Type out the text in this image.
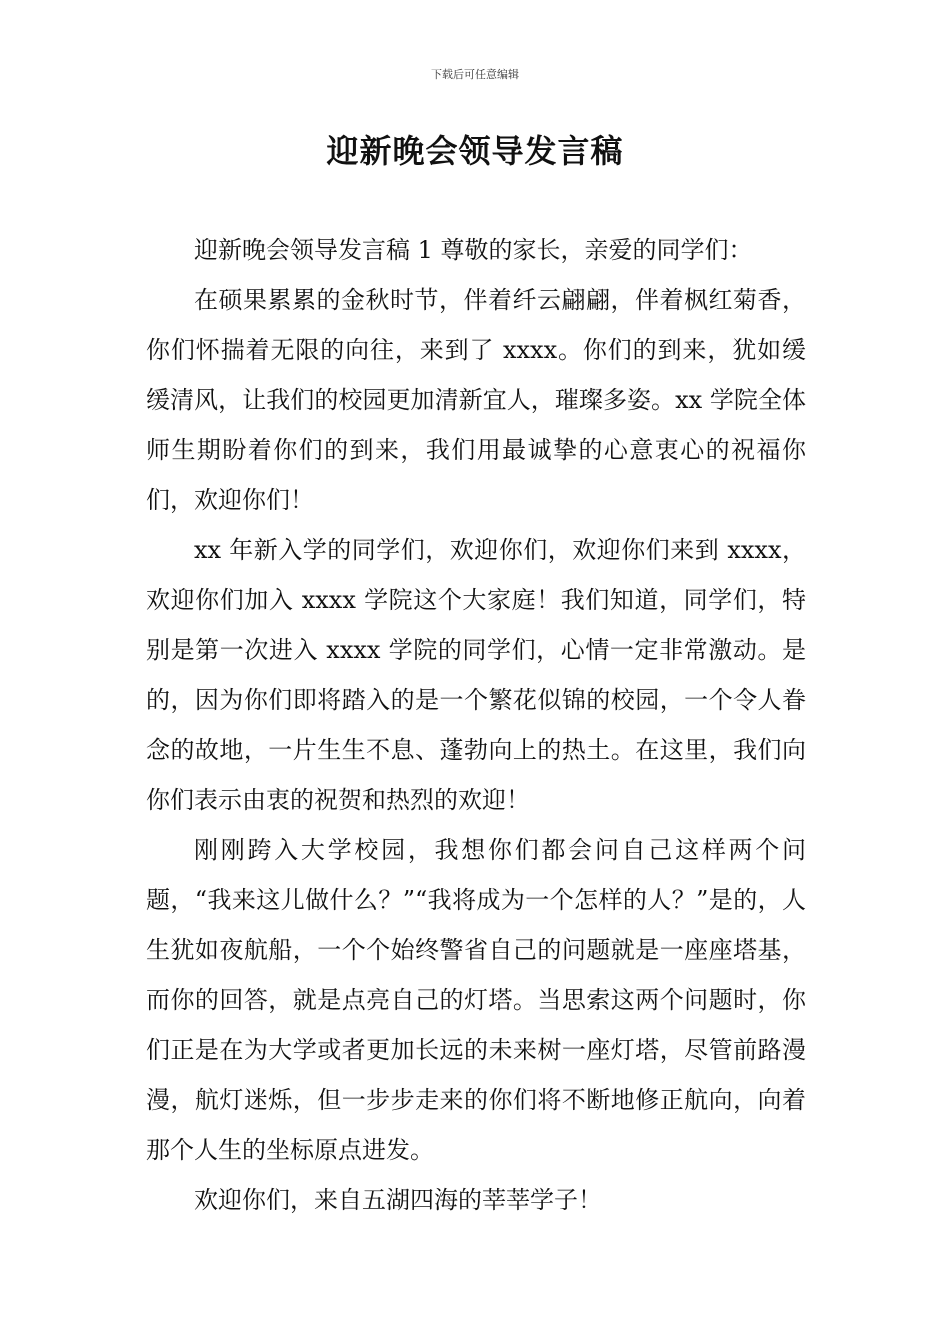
下载后可任意编辑
迎新晚会领导发言稿

迎新晚会领导发言稿 1 尊敬的家长，亲爱的同学们：

在硕果累累的金秋时节，伴着纤云翩翩，伴着枫红菊香，你们怀揣着无限的向往，来到了 xxxx。你们的到来，犹如缓缓清风，让我们的校园更加清新宜人，璀璨多姿。xx 学院全体师生期盼着你们的到来，我们用最诚挚的心意衷心的祝福你们，欢迎你们！

xx 年新入学的同学们，欢迎你们，欢迎你们来到 xxxx，欢迎你们加入 xxxx 学院这个大家庭！我们知道，同学们，特别是第一次进入 xxxx 学院的同学们，心情一定非常激动。是的，因为你们即将踏入的是一个繁花似锦的校园，一个令人眷念的故地，一片生生不息、蓬勃向上的热土。在这里，我们向你们表示由衷的祝贺和热烈的欢迎！

刚刚跨入大学校园，我想你们都会问自己这样两个问题，“我来这儿做什么？”“我将成为一个怎样的人？”是的，人生犹如夜航船，一个个始终警省自己的问题就是一座座塔基，而你的回答，就是点亮自己的灯塔。当思索这两个问题时，你们正是在为大学或者更加长远的未来树一座灯塔，尽管前路漫漫，航灯迷烁，但一步步走来的你们将不断地修正航向，向着那个人生的坐标原点进发。

欢迎你们，来自五湖四海的莘莘学子！
